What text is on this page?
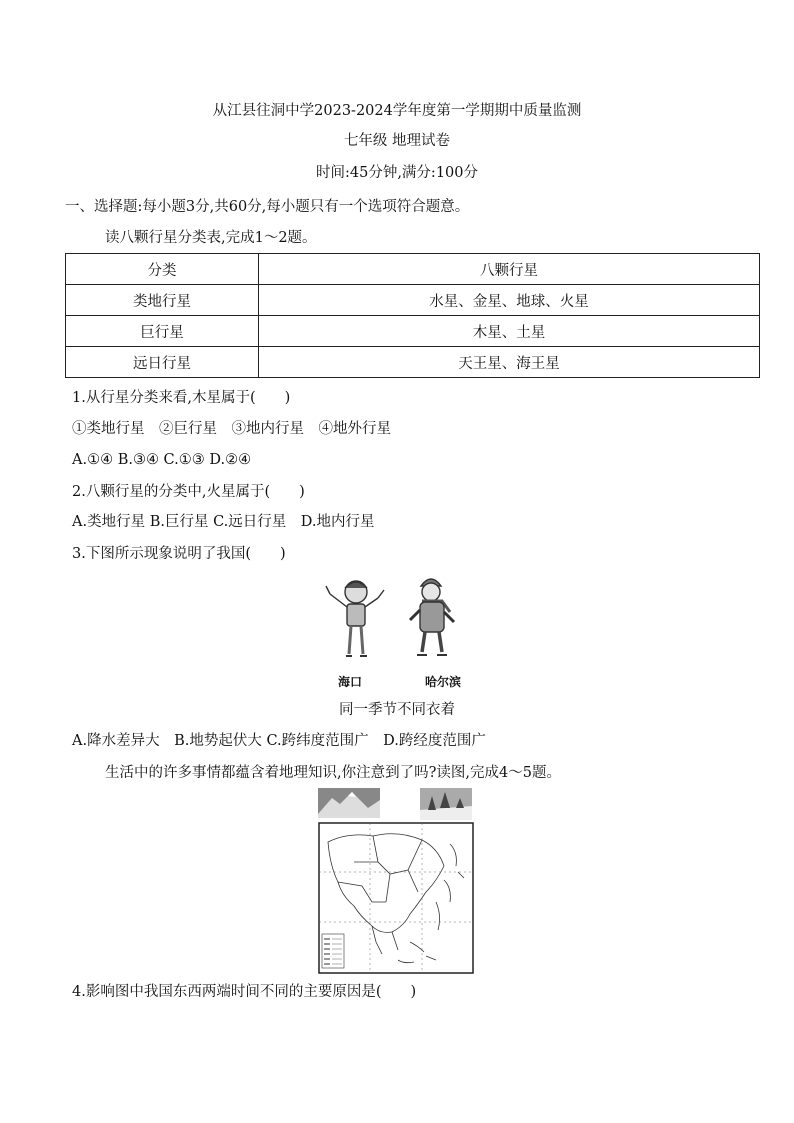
从江县往洞中学2023-2024学年度第一学期期中质量监测
七年级 地理试卷
时间:45分钟,满分:100分
一、选择题:每小题3分,共60分,每小题只有一个选项符合题意。
读八颗行星分类表,完成1～2题。
分类	八颗行星
类地行星	水星、金星、地球、火星
巨行星	木星、土星
远日行星	天王星、海王星
1.从行星分类来看,木星属于(　　)
①类地行星　②巨行星　③地内行星　④地外行星
A.①④ B.③④ C.①③ D.②④
2.八颗行星的分类中,火星属于(　　)
A.类地行星 B.巨行星 C.远日行星　D.地内行星
3.下图所示现象说明了我国(　　)
海口	哈尔滨
同一季节不同衣着
A.降水差异大　B.地势起伏大 C.跨纬度范围广　D.跨经度范围广
生活中的许多事情都蕴含着地理知识,你注意到了吗?读图,完成4～5题。
4.影响图中我国东西两端时间不同的主要原因是(　　)
